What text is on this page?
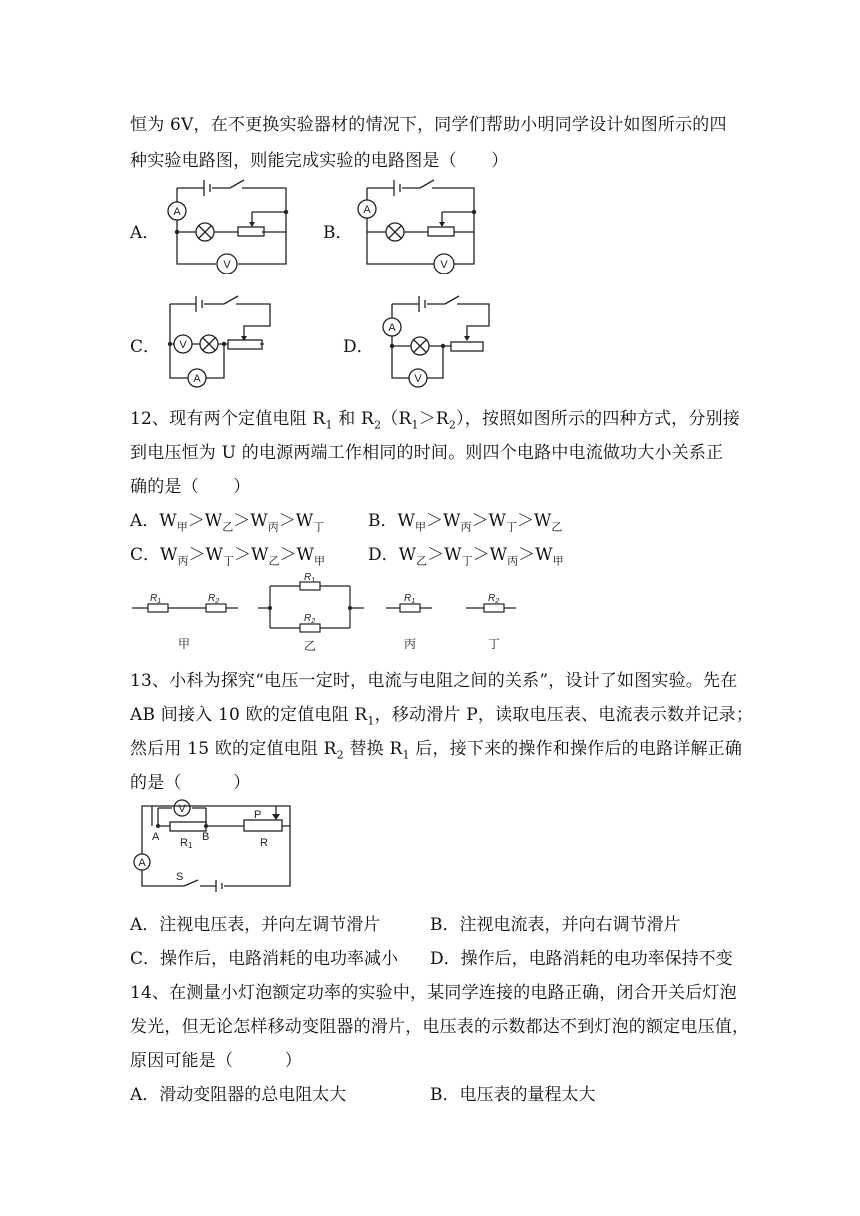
恒为 6V，在不更换实验器材的情况下，同学们帮助小明同学设计如图所示的四
种实验电路图，则能完成实验的电路图是（　　）
A．	B．
C．	D．
A
V
A
V
V
A
A
V
12、现有两个定值电阻 $R_1$ 和 $R_2(R_1>R_2)$，按照如图所示的四种方式，分别接
到电压恒为 U 的电源两端工作相同的时间。则四个电路中电流做功大小关系正
确的是（　　）
A．$W_甲>W_乙>W_丙>W_丁$	B．$W_甲>W_丙>W_丁>W_乙$
C．$W_丙>W_丁>W_乙>W_甲$	D．$W_乙>W_丁>W_丙>W_甲$
$R_1$	$R_2$
$R_1$
$R_2$
$R_1$	$R_2$
甲	乙	丙	丁
13、小科为探究“电压一定时，电流与电阻之间的关系”，设计了如图实验。先在
AB 间接入 10 欧的定值电阻 $R_1$，移动滑片 P，读取电压表、电流表示数并记录；
然后用 15 欧的定值电阻 $R_2$ 替换 $R_1$ 后，接下来的操作和操作后的电路详解正确
的是（　　　）
V
A
A	B
P
R
R1
S
A．注视电压表，并向左调节滑片	B．注视电流表，并向右调节滑片
C．操作后，电路消耗的电功率减小 D．操作后，电路消耗的电功率保持不变
14、在测量小灯泡额定功率的实验中，某同学连接的电路正确，闭合开关后灯泡
发光，但无论怎样移动变阻器的滑片，电压表的示数都达不到灯泡的额定电压值，
原因可能是（　　　）
A．滑动变阻器的总电阻太大	B．电压表的量程太大
